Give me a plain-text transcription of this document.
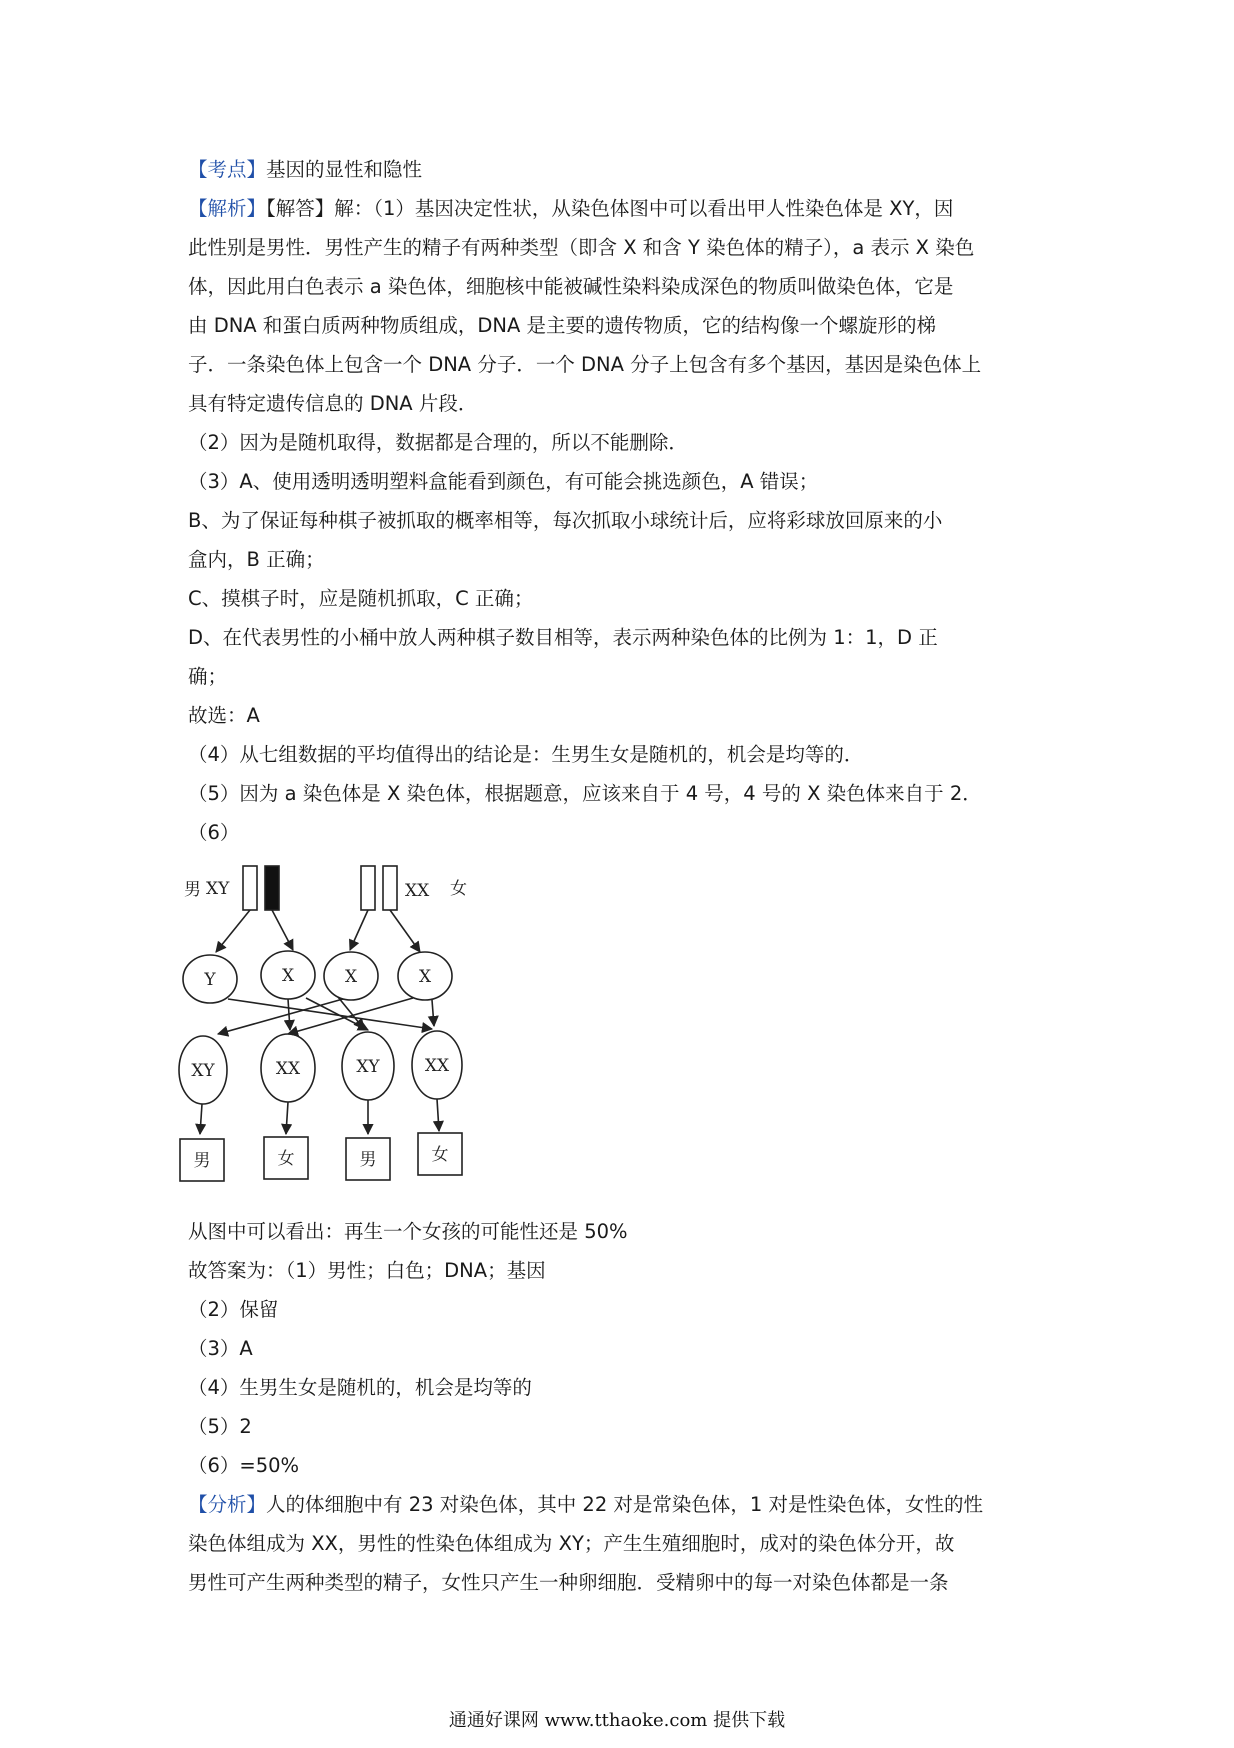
【考点】基因的显性和隐性
【解析】【解答】解：（1）基因决定性状，从染色体图中可以看出甲人性染色体是 XY，因
此性别是男性．男性产生的精子有两种类型（即含 X 和含 Y 染色体的精子），a 表示 X 染色
体，因此用白色表示 a 染色体，细胞核中能被碱性染料染成深色的物质叫做染色体，它是
由 DNA 和蛋白质两种物质组成，DNA 是主要的遗传物质，它的结构像一个螺旋形的梯
子．一条染色体上包含一个 DNA 分子．一个 DNA 分子上包含有多个基因，基因是染色体上
具有特定遗传信息的 DNA 片段．
（2）因为是随机取得，数据都是合理的，所以不能删除．
（3）A、使用透明透明塑料盒能看到颜色，有可能会挑选颜色，A 错误；
B、为了保证每种棋子被抓取的概率相等，每次抓取小球统计后，应将彩球放回原来的小
盒内，B 正确；
C、摸棋子时，应是随机抓取，C 正确；
D、在代表男性的小桶中放人两种棋子数目相等，表示两种染色体的比例为 1：1，D 正
确；
故选：A
（4）从七组数据的平均值得出的结论是：生男生女是随机的，机会是均等的．
（5）因为 a 染色体是 X 染色体，根据题意，应该来自于 4 号，4 号的 X 染色体来自于 2．
（6）
男 XY	XX 女
Y	X	X	X
XY	XX	XY	XX
男	女	男	女
从图中可以看出：再生一个女孩的可能性还是 50%
故答案为：（1）男性；白色；DNA；基因
（2）保留
（3）A
（4）生男生女是随机的，机会是均等的
（5）2
（6）=50%
【分析】人的体细胞中有 23 对染色体，其中 22 对是常染色体，1 对是性染色体，女性的性
染色体组成为 XX，男性的性染色体组成为 XY；产生生殖细胞时，成对的染色体分开，故
男性可产生两种类型的精子，女性只产生一种卵细胞．受精卵中的每一对染色体都是一条
通通好课网 www.tthaoke.com 提供下载
